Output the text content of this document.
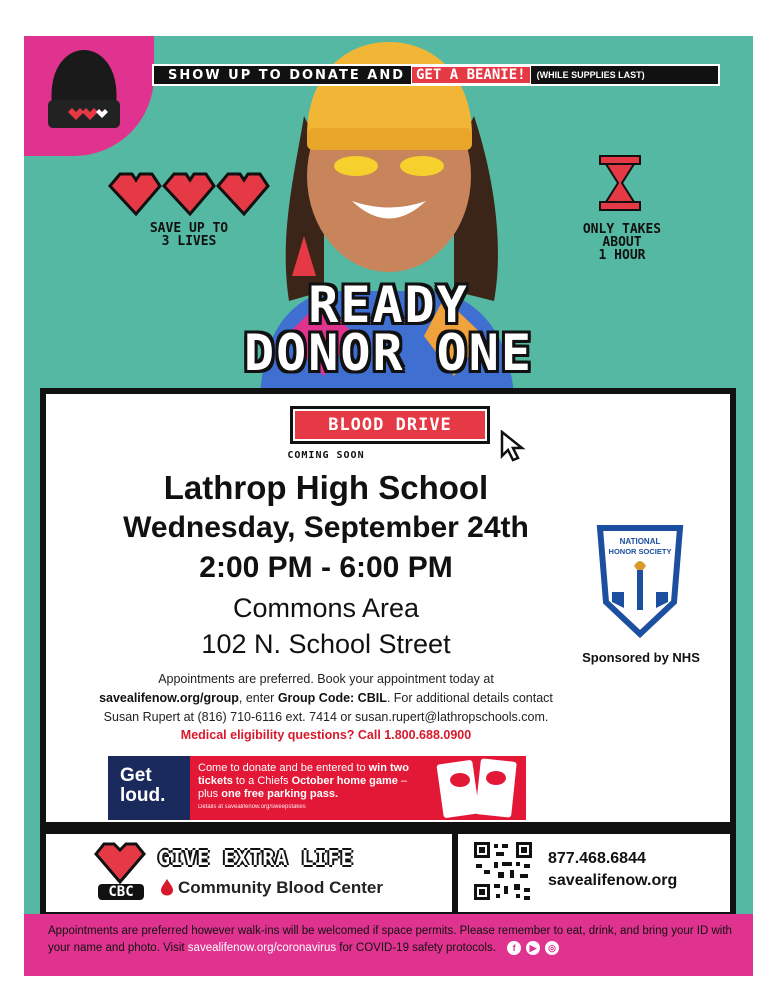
SHOW UP TO DONATE AND GET A BEANIE!	(WHILE SUPPLIES LAST)
SAVE UP TO
3 LIVES
ONLY TAKES
ABOUT
1 HOUR
READY
DONOR ONE
BLOOD DRIVE
COMING SOON
Lathrop High School
Wednesday, September 24th
2:00 PM - 6:00 PM
Commons Area
102 N. School Street
Appointments are preferred. Book your appointment today at
savealifenow.org/group, enter Group Code: CBIL. For additional details contact
Susan Rupert at (816) 710-6116 ext. 7414 or susan.rupert@lathropschools.com.
Medical eligibility questions? Call 1.800.688.0900
NATIONAL
HONOR SOCIETY
Sponsored by NHS
Get
loud.
Come to donate and be entered to win two tickets to a Chiefs October home game – plus one free parking pass.
Details at savealifenow.org/sweepstakes
CBC
GIVE EXTRA LIFE
Community Blood Center
877.468.6844
savealifenow.org
Appointments are preferred however walk-ins will be welcomed if space permits. Please remember to eat, drink, and bring your ID with your name and photo. Visit savealifenow.org/coronavirus for COVID-19 safety protocols.	f	▶	◎
